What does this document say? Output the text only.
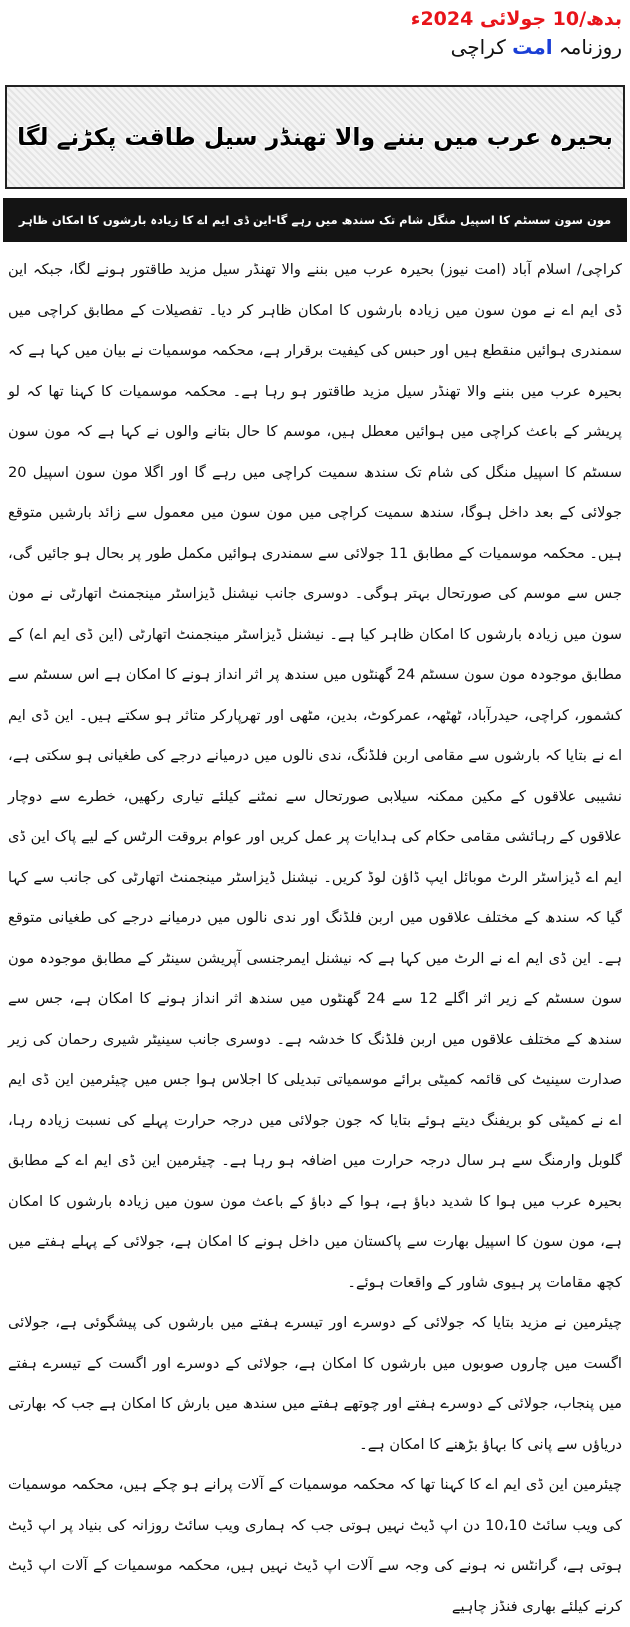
بدھ/10 جولائی 2024ء
روزنامہ امت کراچی
بحیرہ عرب میں بننے والا تھنڈر سیل طاقت پکڑنے لگا
مون سون سسٹم کا اسپیل منگل شام تک سندھ میں رہے گا-این ڈی ایم اے کا زیادہ بارشوں کا امکان ظاہر

کراچی/ اسلام آباد (امت نیوز) بحیرہ عرب میں بننے والا تھنڈر سیل مزید طاقتور ہونے لگا، جبکہ این ڈی ایم اے نے مون سون میں زیادہ بارشوں کا امکان ظاہر کر دیا۔ تفصیلات کے مطابق کراچی میں سمندری ہوائیں منقطع ہیں اور حبس کی کیفیت برقرار ہے، محکمہ موسمیات نے بیان میں کہا ہے کہ بحیرہ عرب میں بننے والا تھنڈر سیل مزید طاقتور ہو رہا ہے۔ محکمہ موسمیات کا کہنا تھا کہ لو پریشر کے باعث کراچی میں ہوائیں معطل ہیں، موسم کا حال بتانے والوں نے کہا ہے کہ مون سون سسٹم کا اسپیل منگل کی شام تک سندھ سمیت کراچی میں رہے گا اور اگلا مون سون اسپیل 20 جولائی کے بعد داخل ہوگا، سندھ سمیت کراچی میں مون سون میں معمول سے زائد بارشیں متوقع ہیں۔ محکمہ موسمیات کے مطابق 11 جولائی سے سمندری ہوائیں مکمل طور پر بحال ہو جائیں گی، جس سے موسم کی صورتحال بہتر ہوگی۔ دوسری جانب نیشنل ڈیزاسٹر مینجمنٹ اتھارٹی نے مون سون میں زیادہ بارشوں کا امکان ظاہر کیا ہے۔ نیشنل ڈیزاسٹر مینجمنٹ اتھارٹی (این ڈی ایم اے) کے مطابق موجودہ مون سون سسٹم 24 گھنٹوں میں سندھ پر اثر انداز ہونے کا امکان ہے اس سسٹم سے کشمور، کراچی، حیدرآباد، ٹھٹھہ، عمرکوٹ، بدین، مٹھی اور تھرپارکر متاثر ہو سکتے ہیں۔ این ڈی ایم اے نے بتایا کہ بارشوں سے مقامی اربن فلڈنگ، ندی نالوں میں درمیانے درجے کی طغیانی ہو سکتی ہے، نشیبی علاقوں کے مکین ممکنہ سیلابی صورتحال سے نمٹنے کیلئے تیاری رکھیں، خطرے سے دوچار علاقوں کے رہائشی مقامی حکام کی ہدایات پر عمل کریں اور عوام بروقت الرٹس کے لیے پاک این ڈی ایم اے ڈیزاسٹر الرٹ موبائل ایپ ڈاؤن لوڈ کریں۔ نیشنل ڈیزاسٹر مینجمنٹ اتھارٹی کی جانب سے کہا گیا کہ سندھ کے مختلف علاقوں میں اربن فلڈنگ اور ندی نالوں میں درمیانے درجے کی طغیانی متوقع ہے۔ این ڈی ایم اے نے الرٹ میں کہا ہے کہ نیشنل ایمرجنسی آپریشن سینٹر کے مطابق موجودہ مون سون سسٹم کے زیر اثر اگلے 12 سے 24 گھنٹوں میں سندھ اثر انداز ہونے کا امکان ہے، جس سے سندھ کے مختلف علاقوں میں اربن فلڈنگ کا خدشہ ہے۔ دوسری جانب سینیٹر شیری رحمان کی زیر صدارت سینیٹ کی قائمہ کمیٹی برائے موسمیاتی تبدیلی کا اجلاس ہوا جس میں چیئرمین این ڈی ایم اے نے کمیٹی کو بریفنگ دیتے ہوئے بتایا کہ جون جولائی میں درجہ حرارت پہلے کی نسبت زیادہ رہا، گلوبل وارمنگ سے ہر سال درجہ حرارت میں اضافہ ہو رہا ہے۔ چیئرمین این ڈی ایم اے کے مطابق بحیرہ عرب میں ہوا کا شدید دباؤ ہے، ہوا کے دباؤ کے باعث مون سون میں زیادہ بارشوں کا امکان ہے، مون سون کا اسپیل بھارت سے پاکستان میں داخل ہونے کا امکان ہے، جولائی کے پہلے ہفتے میں کچھ مقامات پر ہیوی شاور کے واقعات ہوئے۔

چیئرمین نے مزید بتایا کہ جولائی کے دوسرے اور تیسرے ہفتے میں بارشوں کی پیشگوئی ہے، جولائی اگست میں چاروں صوبوں میں بارشوں کا امکان ہے، جولائی کے دوسرے اور اگست کے تیسرے ہفتے میں پنجاب، جولائی کے دوسرے ہفتے اور چوتھے ہفتے میں سندھ میں بارش کا امکان ہے جب کہ بھارتی دریاؤں سے پانی کا بہاؤ بڑھنے کا امکان ہے۔

چیئرمین این ڈی ایم اے کا کہنا تھا کہ محکمہ موسمیات کے آلات پرانے ہو چکے ہیں، محکمہ موسمیات کی ویب سائٹ 10،10 دن اپ ڈیٹ نہیں ہوتی جب کہ ہماری ویب سائٹ روزانہ کی بنیاد پر اپ ڈیٹ ہوتی ہے، گرانٹس نہ ہونے کی وجہ سے آلات اپ ڈیٹ نہیں ہیں، محکمہ موسمیات کے آلات اپ ڈیٹ کرنے کیلئے بھاری فنڈز چاہیے
